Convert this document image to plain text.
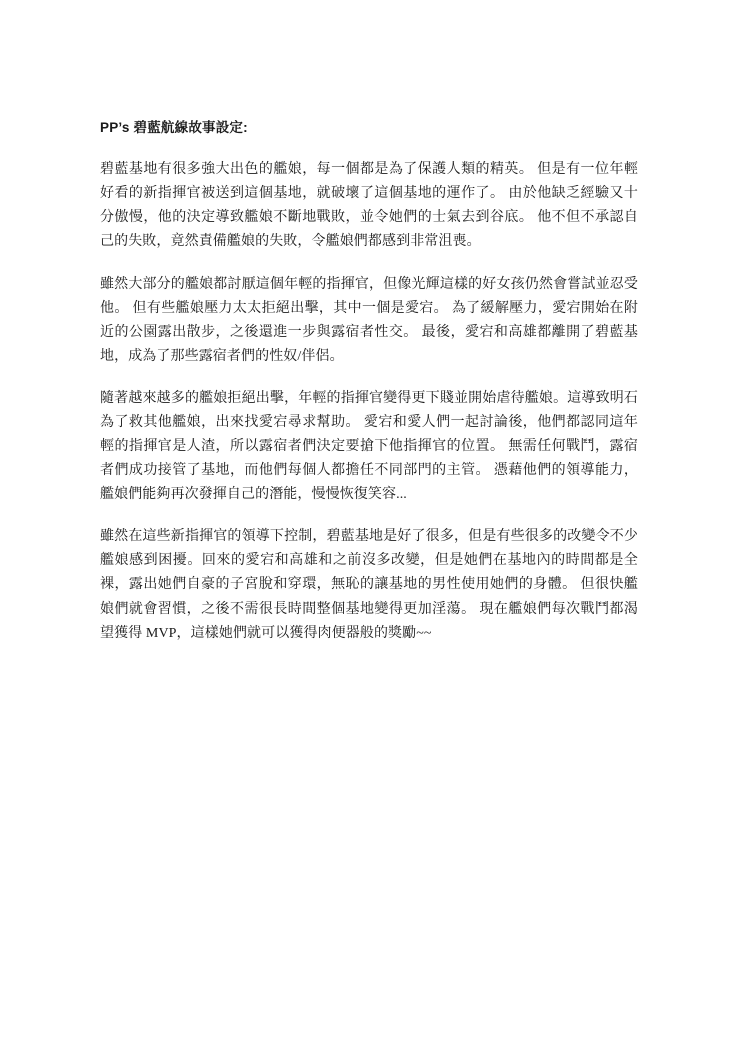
PP’s 碧藍航線故事設定:

碧藍基地有很多強大出色的艦娘，每一個都是為了保護人類的精英。 但是有一位年輕好看的新指揮官被送到這個基地，就破壞了這個基地的運作了。 由於他缺乏經驗又十分傲慢，他的決定導致艦娘不斷地戰敗，並令她們的士氣去到谷底。 他不但不承認自己的失敗，竟然責備艦娘的失敗，令艦娘們都感到非常沮喪。

雖然大部分的艦娘都討厭這個年輕的指揮官，但像光輝這樣的好女孩仍然會嘗試並忍受他。 但有些艦娘壓力太太拒絕出擊，其中一個是愛宕。 為了緩解壓力，愛宕開始在附近的公園露出散步，之後還進一步與露宿者性交。 最後，愛宕和高雄都離開了碧藍基地，成為了那些露宿者們的性奴/伴侶。

隨著越來越多的艦娘拒絕出擊，年輕的指揮官變得更下賤並開始虐待艦娘。這導致明石為了救其他艦娘，出來找愛宕尋求幫助。 愛宕和愛人們一起討論後，他們都認同這年輕的指揮官是人渣，所以露宿者們決定要搶下他指揮官的位置。 無需任何戰鬥，露宿者們成功接管了基地，而他們每個人都擔任不同部門的主管。 憑藉他們的領導能力，艦娘們能夠再次發揮自己的潛能，慢慢恢復笑容...

雖然在這些新指揮官的領導下控制，碧藍基地是好了很多，但是有些很多的改變令不少艦娘感到困擾。回來的愛宕和高雄和之前沒多改變，但是她們在基地內的時間都是全裸，露出她們自豪的子宮脫和穿環，無恥的讓基地的男性使用她們的身體。 但很快艦娘們就會習慣，之後不需很長時間整個基地變得更加淫蕩。 現在艦娘們每次戰鬥都渴望獲得 MVP，這樣她們就可以獲得肉便器般的獎勵~~
